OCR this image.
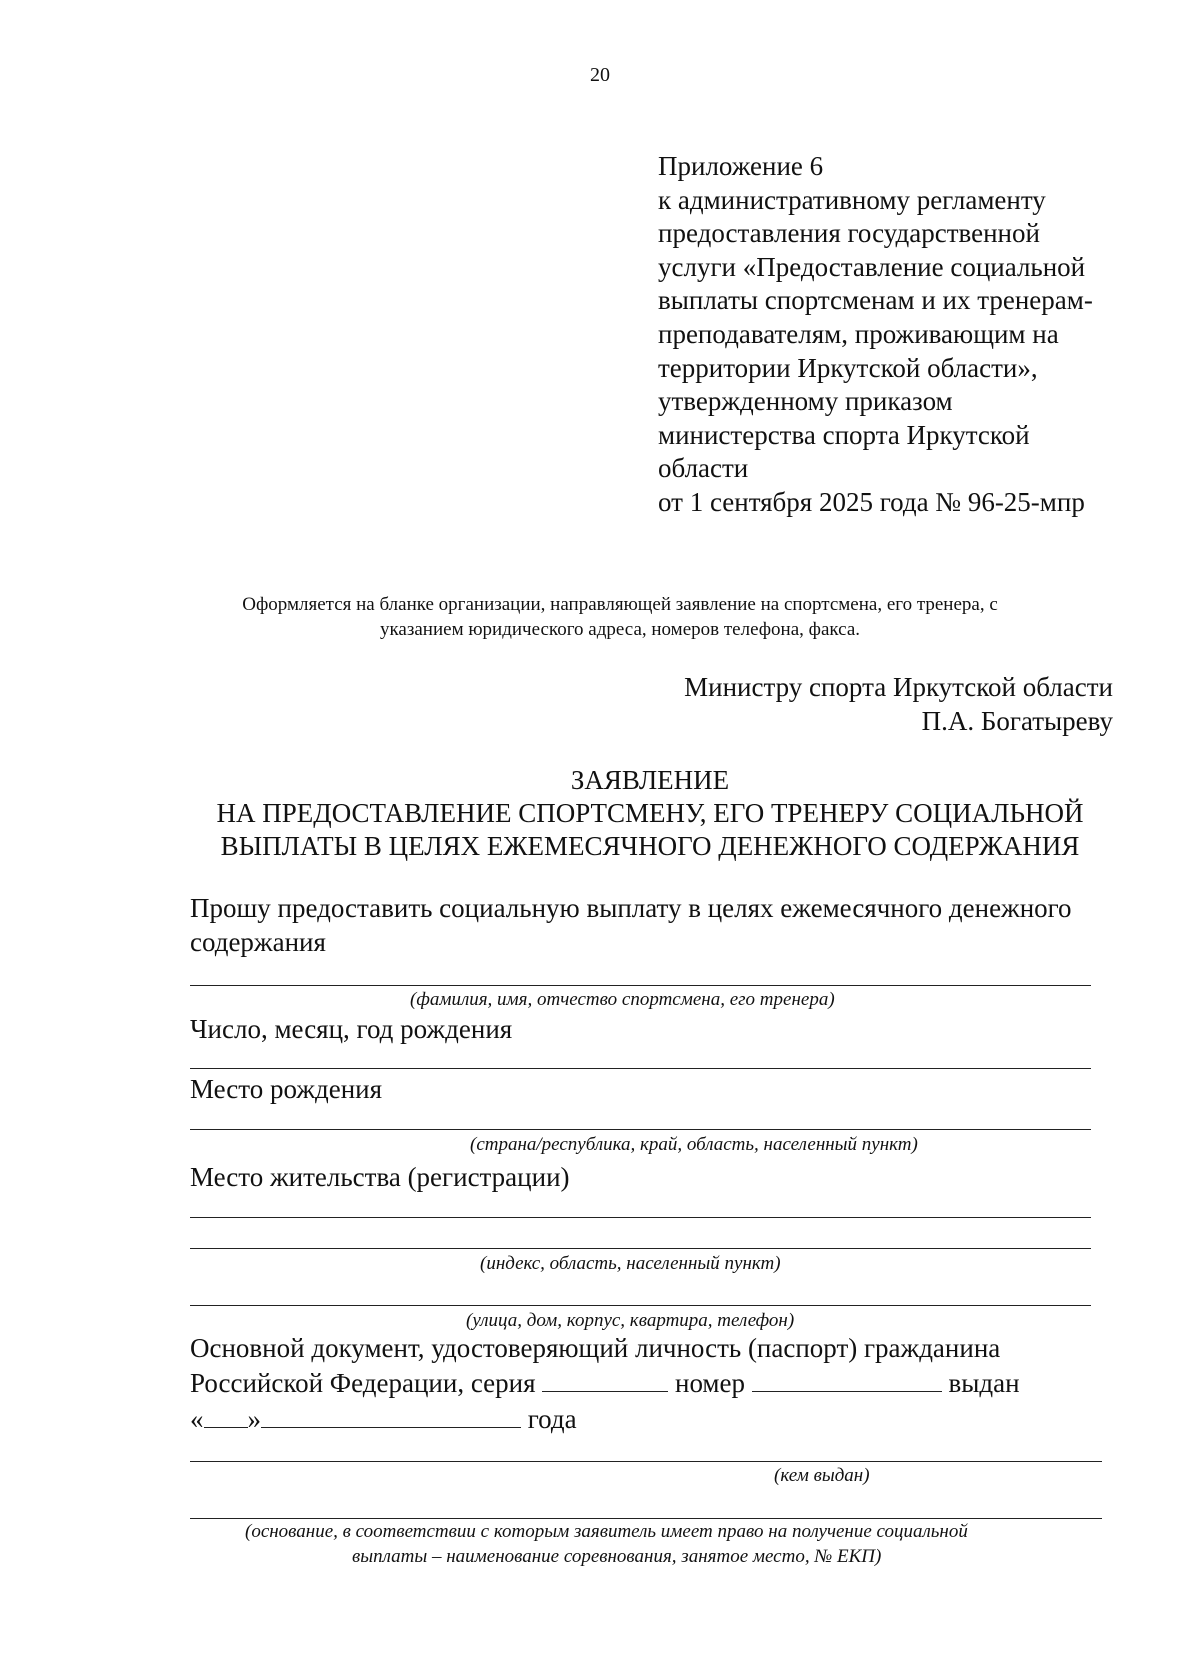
20
Приложение 6
к административному регламенту
предоставления государственной
услуги «Предоставление социальной
выплаты спортсменам и их тренерам-
преподавателям, проживающим на
территории Иркутской области»,
утвержденному приказом
министерства спорта Иркутской
области
от 1 сентября 2025 года № 96-25-мпр
Оформляется на бланке организации, направляющей заявление на спортсмена, его тренера, с
указанием юридического адреса, номеров телефона, факса.
Министру спорта Иркутской области
П.А. Богатыреву
ЗАЯВЛЕНИЕ
НА ПРЕДОСТАВЛЕНИЕ СПОРТСМЕНУ, ЕГО ТРЕНЕРУ СОЦИАЛЬНОЙ
ВЫПЛАТЫ В ЦЕЛЯХ ЕЖЕМЕСЯЧНОГО ДЕНЕЖНОГО СОДЕРЖАНИЯ
Прошу предоставить социальную выплату в целях ежемесячного денежного
содержания
(фамилия, имя, отчество спортсмена, его тренера)
Число, месяц, год рождения
Место рождения
(страна/республика, край, область, населенный пункт)
Место жительства (регистрации)
(индекс, область, населенный пункт)
(улица, дом, корпус, квартира, телефон)
Основной документ, удостоверяющий личность (паспорт) гражданина
Российской Федерации, серия	номер	выдан
« »	года
(кем выдан)
(основание, в соответствии с которым заявитель имеет право на получение социальной
выплаты – наименование соревнования, занятое место, № ЕКП)
